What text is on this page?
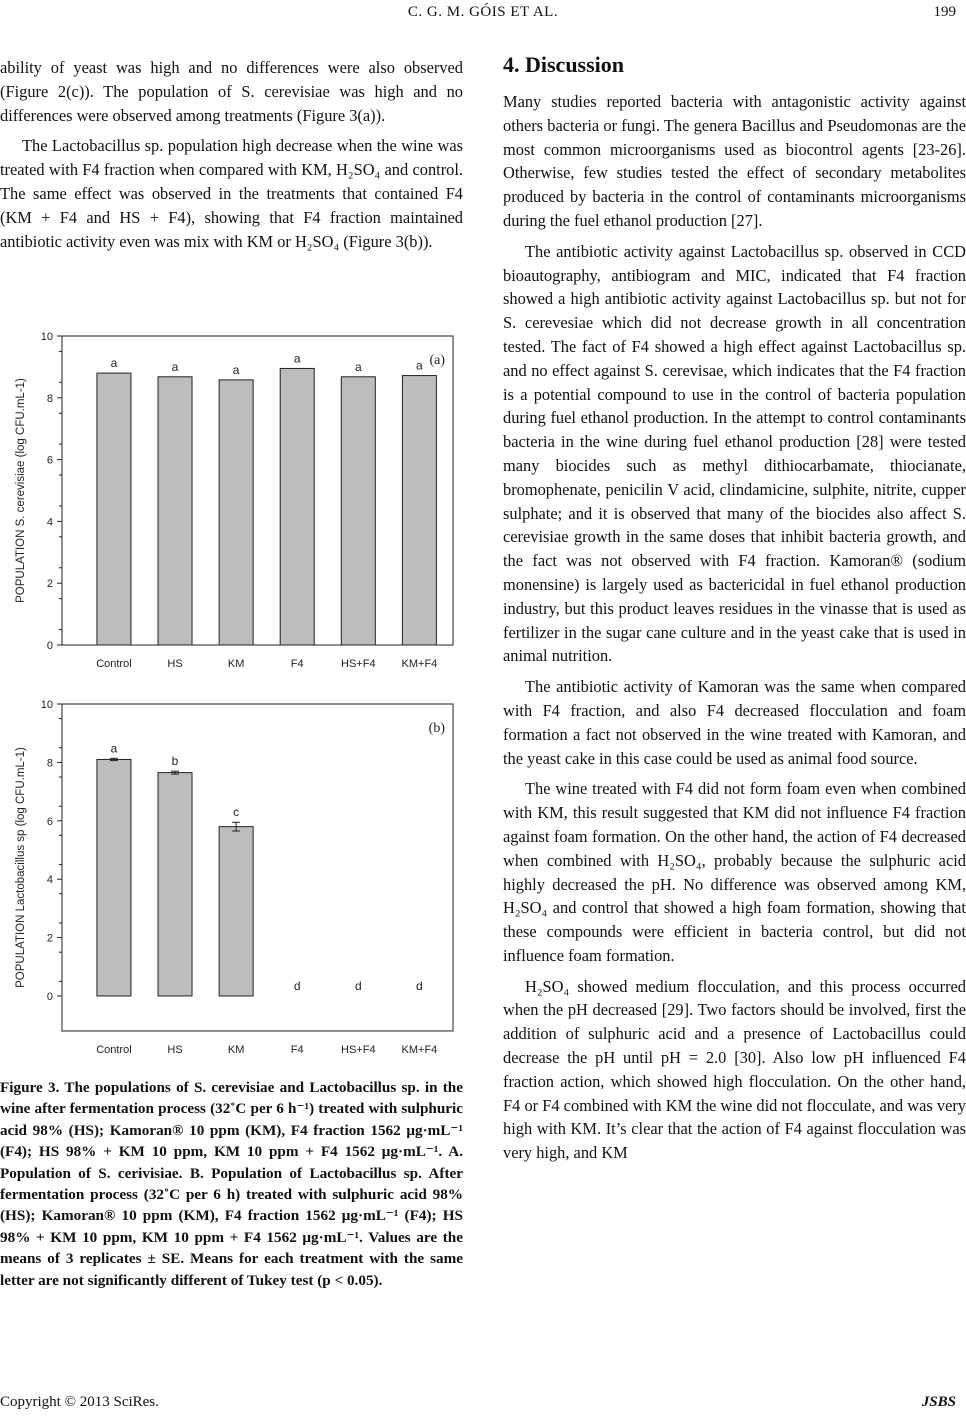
C. G. M. GÓIS ET AL.	199

ability of yeast was high and no differences were also observed (Figure 2(c)). The population of S. cerevisiae was high and no differences were observed among treatments (Figure 3(a)).

The Lactobacillus sp. population high decrease when the wine was treated with F4 fraction when compared with KM, H₂SO₄ and control. The same effect was observed in the treatments that contained F4 (KM + F4 and HS + F4), showing that F4 fraction maintained antibiotic activity even was mix with KM or H₂SO₄ (Figure 3(b)).

0
2
4
6
8
10
a
Control
a
HS
a
KM
a
F4
a
HS+F4
a
KM+F4
(a)
POPULATION S. cerevisiae (log CFU.mL-1)
0
2
4
6
8
10
a
Control
b
HS
c
KM
d
F4
d
HS+F4
d
KM+F4
(b)
POPULATION Lactobacillus sp (log CFU.mL-1)

Figure 3. The populations of S. cerevisiae and Lactobacillus sp. in the wine after fermentation process (32˚C per 6 h⁻¹) treated with sulphuric acid 98% (HS); Kamoran® 10 ppm (KM), F4 fraction 1562 μg·mL⁻¹ (F4); HS 98% + KM 10 ppm, KM 10 ppm + F4 1562 μg·mL⁻¹. A. Population of S. cerivisiae. B. Population of Lactobacillus sp. After fermentation process (32˚C per 6 h) treated with sulphuric acid 98% (HS); Kamoran® 10 ppm (KM), F4 fraction 1562 μg·mL⁻¹ (F4); HS 98% + KM 10 ppm, KM 10 ppm + F4 1562 μg·mL⁻¹. Values are the means of 3 replicates ± SE. Means for each treatment with the same letter are not significantly different of Tukey test (p < 0.05).

4. Discussion

Many studies reported bacteria with antagonistic activity against others bacteria or fungi. The genera Bacillus and Pseudomonas are the most common microorganisms used as biocontrol agents [23-26]. Otherwise, few studies tested the effect of secondary metabolites produced by bacteria in the control of contaminants microorganisms during the fuel ethanol production [27].

The antibiotic activity against Lactobacillus sp. observed in CCD bioautography, antibiogram and MIC, indicated that F4 fraction showed a high antibiotic activity against Lactobacillus sp. but not for S. cerevesiae which did not decrease growth in all concentration tested. The fact of F4 showed a high effect against Lactobacillus sp. and no effect against S. cerevisae, which indicates that the F4 fraction is a potential compound to use in the control of bacteria population during fuel ethanol production. In the attempt to control contaminants bacteria in the wine during fuel ethanol production [28] were tested many biocides such as methyl dithiocarbamate, thiocianate, bromophenate, penicilin V acid, clindamicine, sulphite, nitrite, cupper sulphate; and it is observed that many of the biocides also affect S. cerevisiae growth in the same doses that inhibit bacteria growth, and the fact was not observed with F4 fraction. Kamoran® (sodium monensine) is largely used as bactericidal in fuel ethanol production industry, but this product leaves residues in the vinasse that is used as fertilizer in the sugar cane culture and in the yeast cake that is used in animal nutrition.

The antibiotic activity of Kamoran was the same when compared with F4 fraction, and also F4 decreased flocculation and foam formation a fact not observed in the wine treated with Kamoran, and the yeast cake in this case could be used as animal food source.

The wine treated with F4 did not form foam even when combined with KM, this result suggested that KM did not influence F4 fraction against foam formation. On the other hand, the action of F4 decreased when combined with H₂SO₄, probably because the sulphuric acid highly decreased the pH. No difference was observed among KM, H₂SO₄ and control that showed a high foam formation, showing that these compounds were efficient in bacteria control, but did not influence foam formation.

H₂SO₄ showed medium flocculation, and this process occurred when the pH decreased [29]. Two factors should be involved, first the addition of sulphuric acid and a presence of Lactobacillus could decrease the pH until pH = 2.0 [30]. Also low pH influenced F4 fraction action, which showed high flocculation. On the other hand, F4 or F4 combined with KM the wine did not flocculate, and was very high with KM. It’s clear that the action of F4 against flocculation was very high, and KM

Copyright © 2013 SciRes.	JSBS
